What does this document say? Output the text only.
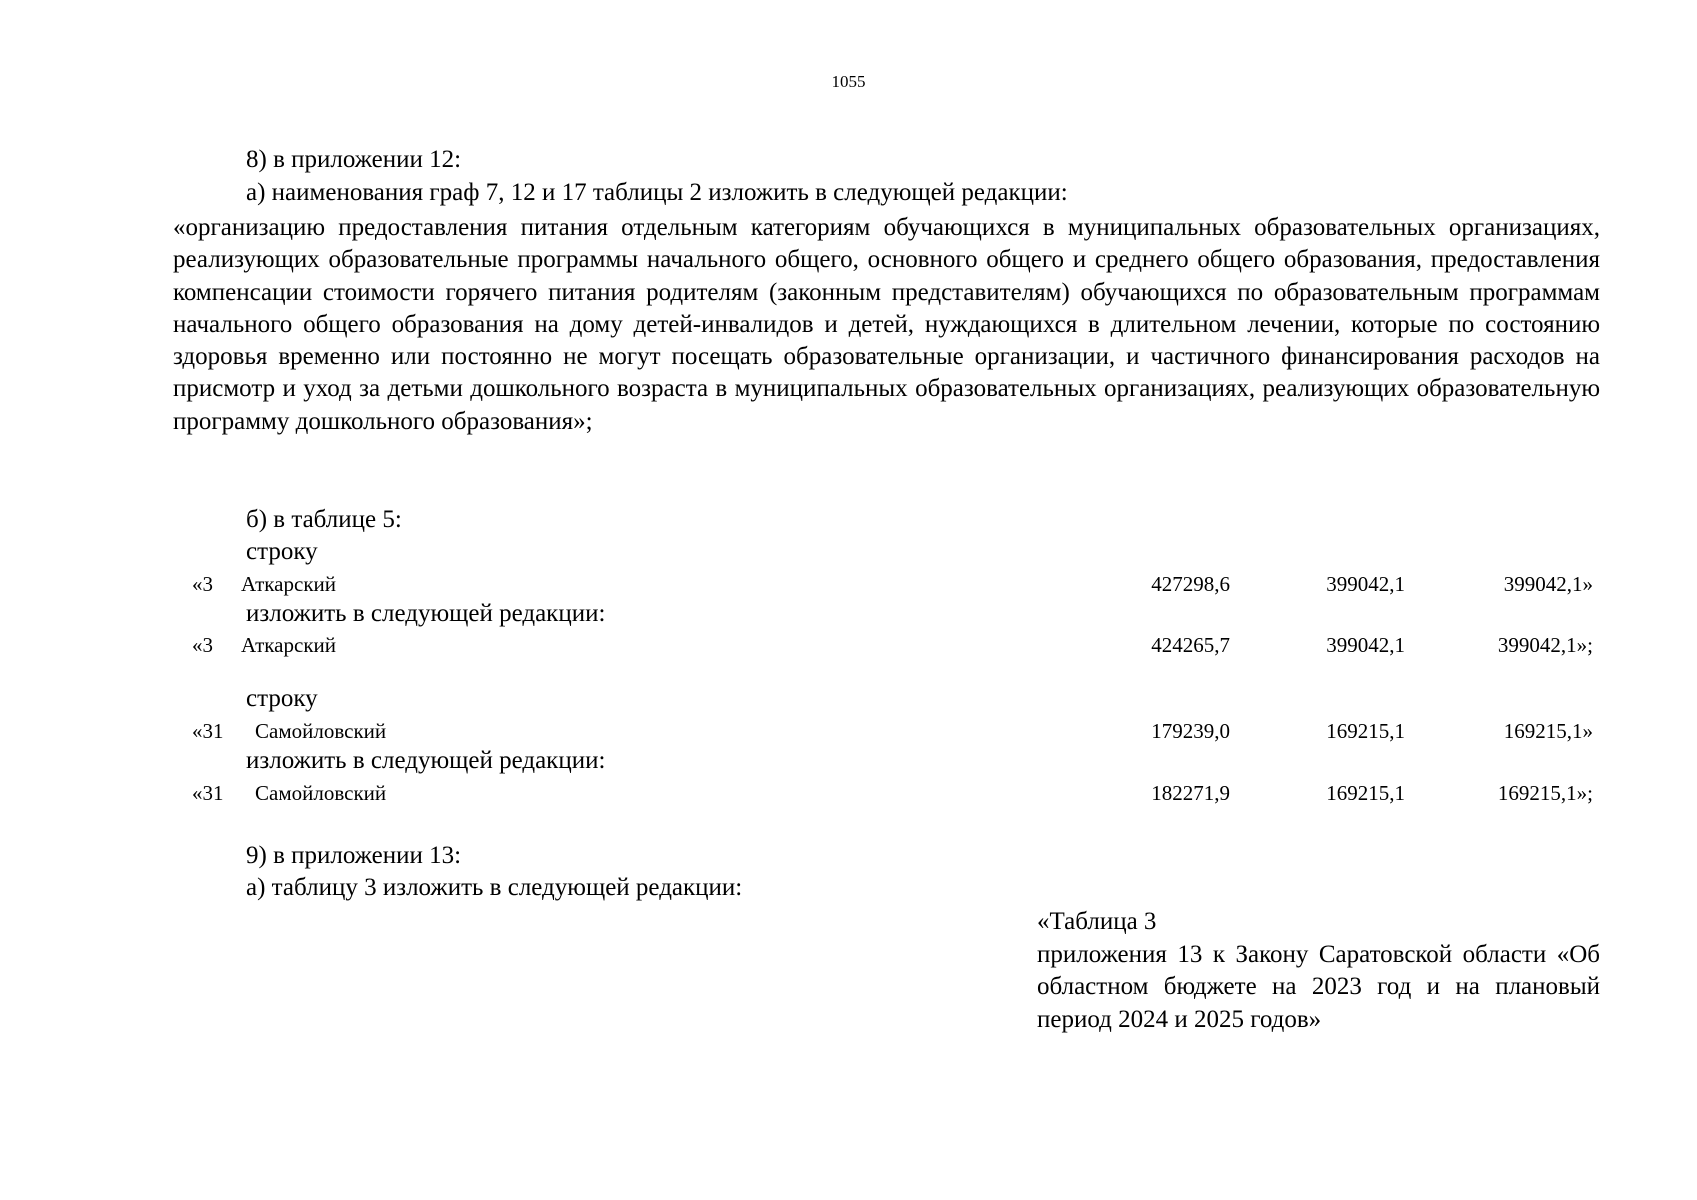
1055
8) в приложении 12:
а) наименования граф 7, 12 и 17 таблицы 2 изложить в следующей редакции:
«организацию предоставления питания отдельным категориям обучающихся в муниципальных образовательных организациях, реализующих образовательные программы начального общего, основного общего и среднего общего образования, предоставления компенсации стоимости горячего питания родителям (законным представителям) обучающихся по образовательным программам начального общего образования на дому детей-инвалидов и детей, нуждающихся в длительном лечении, которые по состоянию здоровья временно или постоянно не могут посещать образовательные организации, и частичного финансирования расходов на присмотр и уход за детьми дошкольного возраста в муниципальных образовательных организациях, реализующих образовательную программу дошкольного образования»;
б) в таблице 5:
строку
«3 Аткарский	427298,6	399042,1	399042,1»
изложить в следующей редакции:
«3 Аткарский	424265,7	399042,1	399042,1»;
строку
«31 Самойловский	179239,0	169215,1	169215,1»
изложить в следующей редакции:
«31 Самойловский	182271,9	169215,1	169215,1»;
9) в приложении 13:
а) таблицу 3 изложить в следующей редакции:
«Таблица 3
приложения 13 к Закону Саратовской области «Об областном бюджете на 2023 год и на плановый период 2024 и 2025 годов»
